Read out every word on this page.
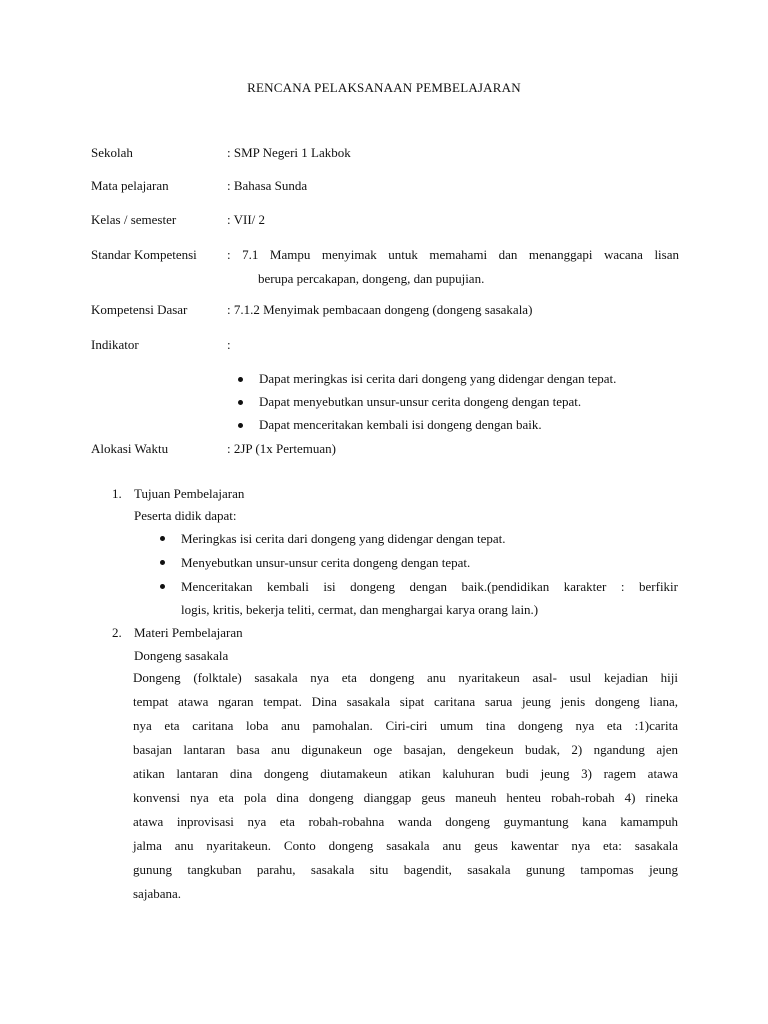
RENCANA PELAKSANAAN PEMBELAJARAN
Sekolah	: SMP Negeri 1 Lakbok
Mata pelajaran	: Bahasa Sunda
Kelas / semester	: VII/ 2
Standar Kompetensi : 7.1 Mampu menyimak untuk memahami dan menanggapi wacana lisan
berupa percakapan, dongeng, dan pupujian.
Kompetensi Dasar	: 7.1.2 Menyimak pembacaan dongeng (dongeng sasakala)
Indikator	:
Dapat meringkas isi cerita dari dongeng yang didengar dengan tepat.
Dapat menyebutkan unsur-unsur cerita dongeng dengan tepat.
Dapat menceritakan kembali isi dongeng dengan baik.
Alokasi Waktu	: 2JP (1x Pertemuan)
1. Tujuan Pembelajaran
Peserta didik dapat:
Meringkas isi cerita dari dongeng yang didengar dengan tepat.
Menyebutkan unsur-unsur cerita dongeng dengan tepat.
Menceritakan kembali isi dongeng dengan baik.(pendidikan karakter : berfikir
logis, kritis, bekerja teliti, cermat, dan menghargai karya orang lain.)
2. Materi Pembelajaran
Dongeng sasakala
Dongeng (folktale) sasakala nya eta dongeng anu nyaritakeun asal- usul kejadian hiji
tempat atawa ngaran tempat. Dina sasakala sipat caritana sarua jeung jenis dongeng liana,
nya eta caritana loba anu pamohalan. Ciri-ciri umum tina dongeng nya eta :1)carita
basajan lantaran basa anu digunakeun oge basajan, dengekeun budak, 2) ngandung ajen
atikan lantaran dina dongeng diutamakeun atikan kaluhuran budi jeung 3) ragem atawa
konvensi nya eta pola dina dongeng dianggap geus maneuh henteu robah-robah 4) rineka
atawa inprovisasi nya eta robah-robahna wanda dongeng guymantung kana kamampuh
jalma anu nyaritakeun. Conto dongeng sasakala anu geus kawentar nya eta: sasakala
gunung tangkuban parahu, sasakala situ bagendit, sasakala gunung tampomas jeung
sajabana.
